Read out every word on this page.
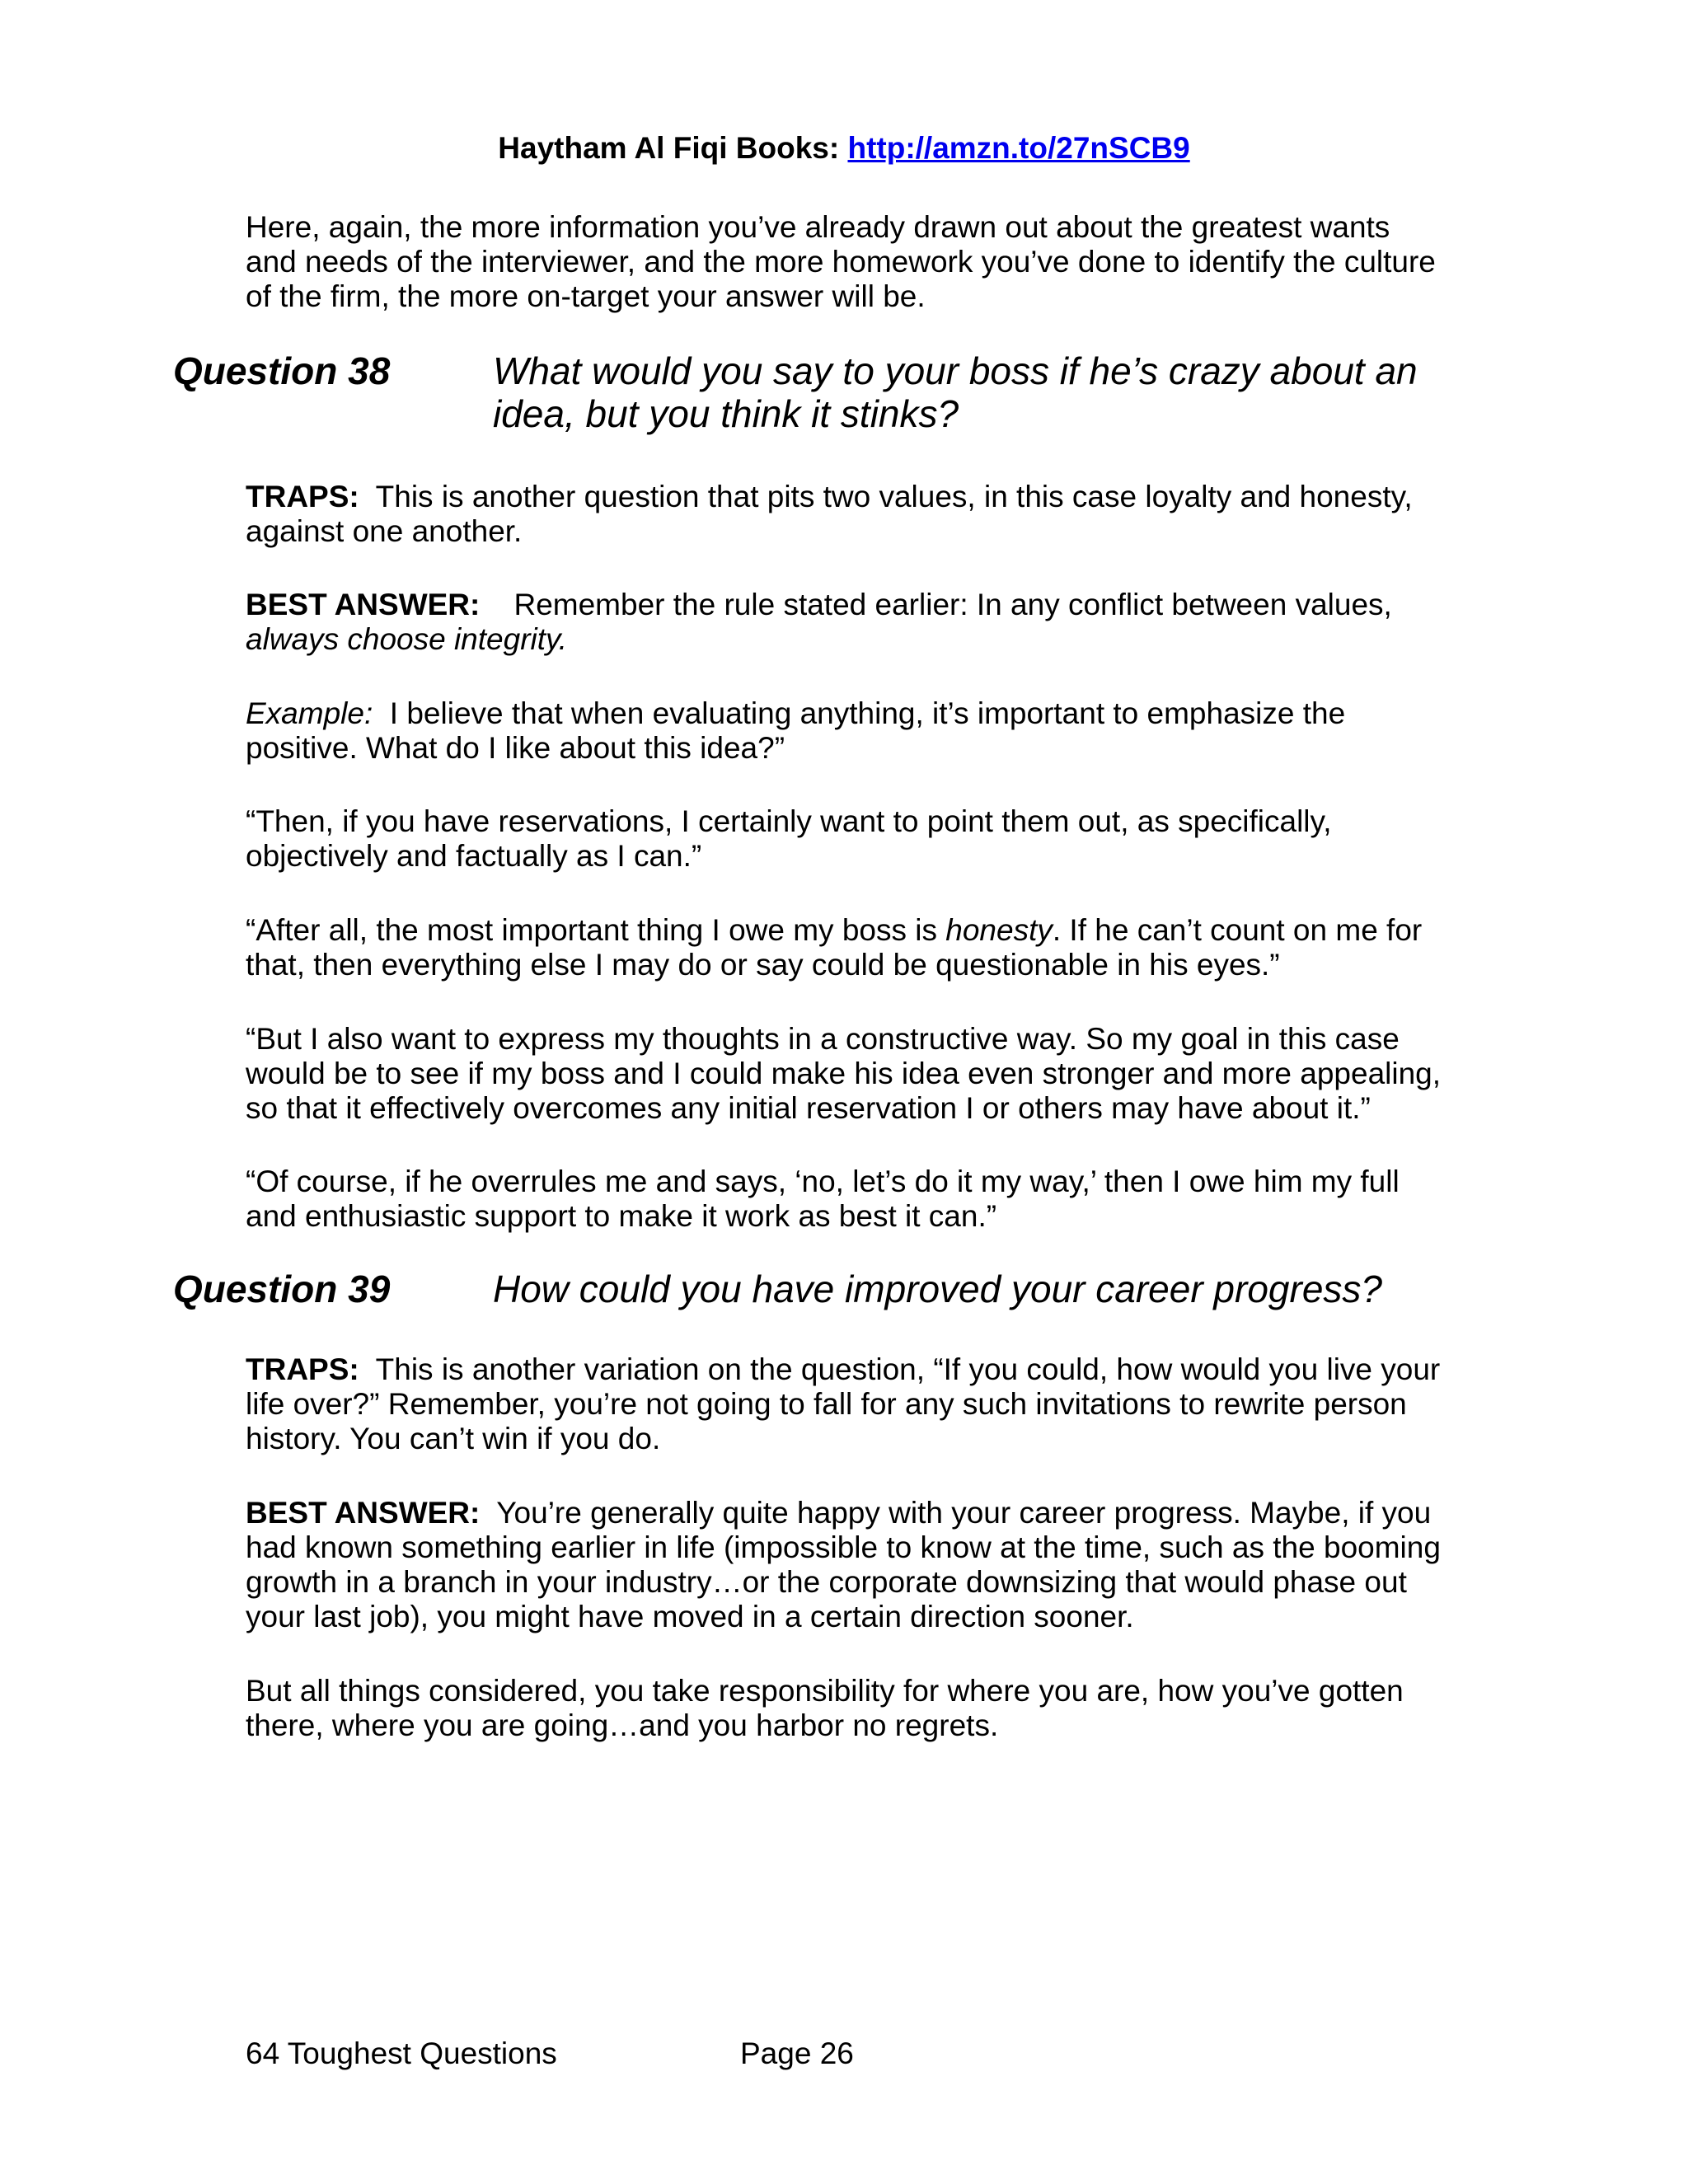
Haytham Al Fiqi Books: http://amzn.to/27nSCB9

Here, again, the more information you’ve already drawn out about the greatest wants and needs of the interviewer, and the more homework you’ve done to identify the culture of the firm, the more on-target your answer will be.

Question 38	What would you say to your boss if he’s crazy about an idea, but you think it stinks?

TRAPS: This is another question that pits two values, in this case loyalty and honesty, against one another.

BEST ANSWER: Remember the rule stated earlier: In any conflict between values,
always choose integrity.

Example: I believe that when evaluating anything, it’s important to emphasize the positive. What do I like about this idea?”

“Then, if you have reservations, I certainly want to point them out, as specifically, objectively and factually as I can.”

“After all, the most important thing I owe my boss is honesty. If he can’t count on me for that, then everything else I may do or say could be questionable in his eyes.”

“But I also want to express my thoughts in a constructive way. So my goal in this case would be to see if my boss and I could make his idea even stronger and more appealing, so that it effectively overcomes any initial reservation I or others may have about it.”

“Of course, if he overrules me and says, ‘no, let’s do it my way,’ then I owe him my full and enthusiastic support to make it work as best it can.”

Question 39	How could you have improved your career progress?

TRAPS: This is another variation on the question, “If you could, how would you live your life over?” Remember, you’re not going to fall for any such invitations to rewrite person history. You can’t win if you do.

BEST ANSWER: You’re generally quite happy with your career progress. Maybe, if you had known something earlier in life (impossible to know at the time, such as the booming growth in a branch in your industry…or the corporate downsizing that would phase out your last job), you might have moved in a certain direction sooner.

But all things considered, you take responsibility for where you are, how you’ve gotten there, where you are going…and you harbor no regrets.

64 Toughest Questions	Page 26
